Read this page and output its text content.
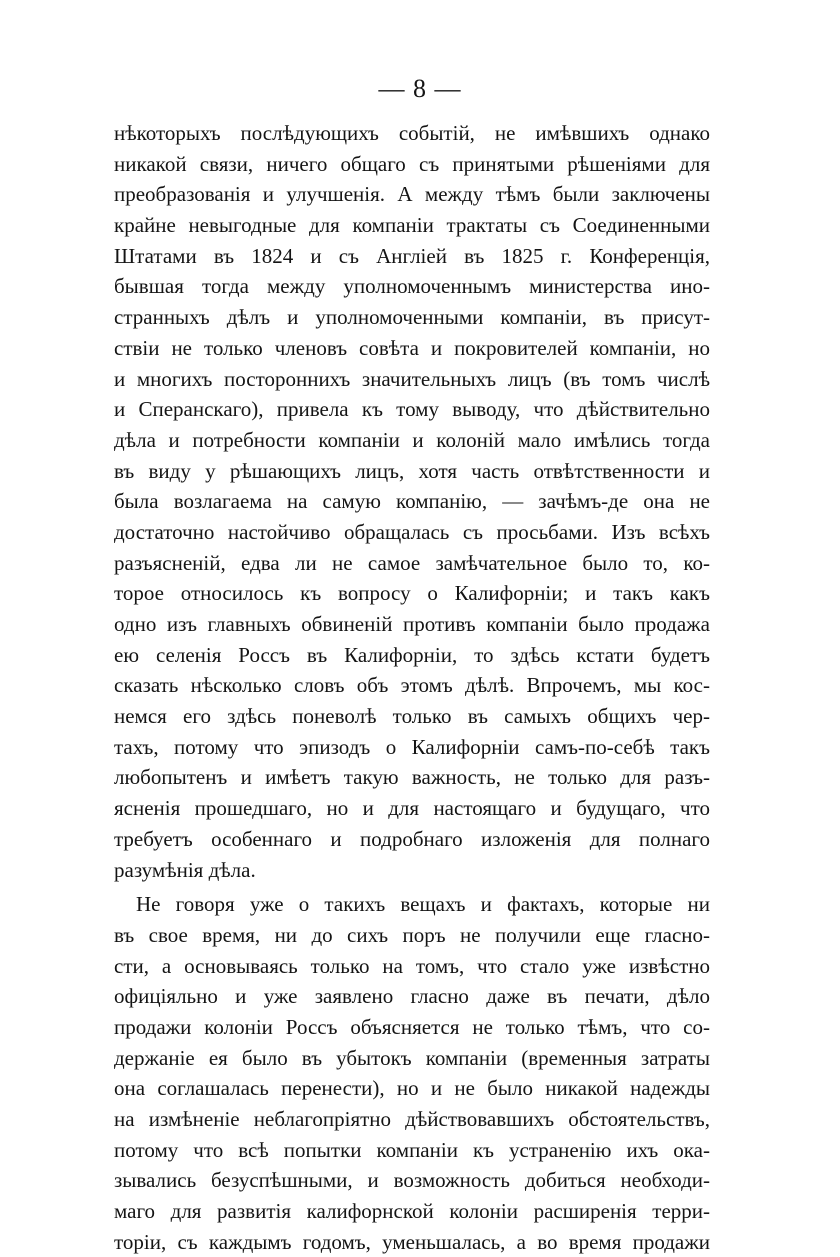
— 8 —
нѣкоторыхъ послѣдующихъ событій, не имѣвшихъ однако
никакой связи, ничего общаго съ принятыми рѣшеніями для
преобразованія и улучшенія. А между тѣмъ были заключены
крайне невыгодные для компаніи трактаты съ Соединенными
Штатами въ 1824 и съ Англіей въ 1825 г. Конференція,
бывшая тогда между уполномоченнымъ министерства ино-
странныхъ дѣлъ и уполномоченными компаніи, въ присут-
ствіи не только членовъ совѣта и покровителей компаніи, но
и многихъ постороннихъ значительныхъ лицъ (въ томъ числѣ
и Сперанскаго), привела къ тому выводу, что дѣйствительно
дѣла и потребности компаніи и колоній мало имѣлись тогда
въ виду у рѣшающихъ лицъ, хотя часть отвѣтственности и
была возлагаема на самую компанію, — зачѣмъ-де она не
достаточно настойчиво обращалась съ просьбами. Изъ всѣхъ
разъясненій, едва ли не самое замѣчательное было то, ко-
торое относилось къ вопросу о Калифорніи; и такъ какъ
одно изъ главныхъ обвиненій противъ компаніи было продажа
ею селенія Россъ въ Калифорніи, то здѣсь кстати будетъ
сказать нѣсколько словъ объ этомъ дѣлѣ. Впрочемъ, мы кос-
немся его здѣсь поневолѣ только въ самыхъ общихъ чер-
тахъ, потому что эпизодъ о Калифорніи самъ-по-себѣ такъ
любопытенъ и имѣетъ такую важность, не только для разъ-
ясненія прошедшаго, но и для настоящаго и будущаго, что
требуетъ особеннаго и подробнаго изложенія для полнаго
разумѣнія дѣла.
Не говоря уже о такихъ вещахъ и фактахъ, которые ни
въ свое время, ни до сихъ поръ не получили еще гласно-
сти, а основываясь только на томъ, что стало уже извѣстно
офиціяльно и уже заявлено гласно даже въ печати, дѣло
продажи колоніи Россъ объясняется не только тѣмъ, что со-
держаніе ея было въ убытокъ компаніи (временныя затраты
она соглашалась перенести), но и не было никакой надежды
на измѣненіе неблагопріятно дѣйствовавшихъ обстоятельствъ,
потому что всѣ попытки компаніи къ устраненію ихъ ока-
зывались безуспѣшными, и возможность добиться необходи-
маго для развитія калифорнской колоніи расширенія терри-
торіи, съ каждымъ годомъ, уменьшалась, а во время продажи
